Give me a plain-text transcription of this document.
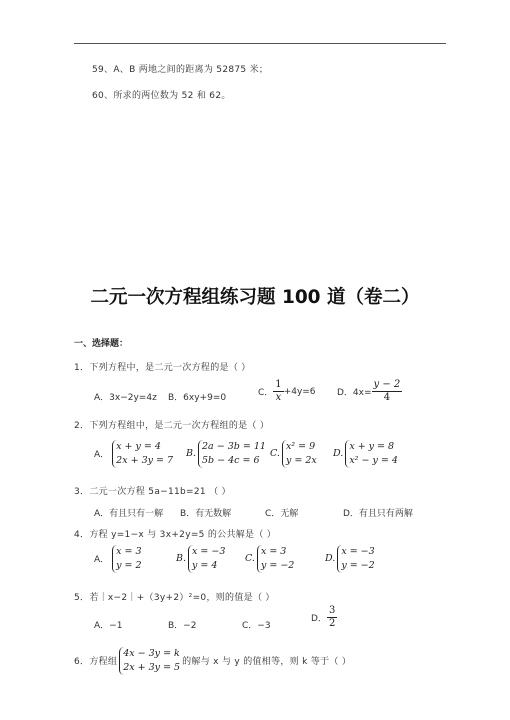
59、A、B 两地之间的距离为 52875 米；
60、所求的两位数为 52 和 62。
二元一次方程组练习题 100 道（卷二）
一、选择题：
1．下列方程中，是二元一次方程的是（ ）
A．3x−2y=4z B．6xy+9=0	C． $\frac{1}{x} +4y=6$ D．$4x= \frac{y - 2}{4}$
2．下列方程组中，是二元一次方程组的是（ ）
A．
x + y = 4
2x + 3y = 7
B.
2a − 3b = 11
5b − 4c = 6
C.
x² = 9
y = 2x
D.
x + y = 8
x² − y = 4
3．二元一次方程 5a−11b=21 （ ）
A．有且只有一解 B．有无数解	C．无解	D．有且只有两解
4．方程 y=1−x 与 3x+2y=5 的公共解是（ ）
A．
x = 3
y = 2
B.
x = −3
y = 4
C.
x = 3
y = −2
D.
x = −3
y = −2
5．若｜x−2｜+（3y+2）²=0，则的值是（ ）
A．−1	B．−2	C．−3
D． $\frac{3}{2}$
6．方程组
4x − 3y = k
2x + 3y = 5 的解与 x 与 y 的值相等，则 k 等于（ ）
